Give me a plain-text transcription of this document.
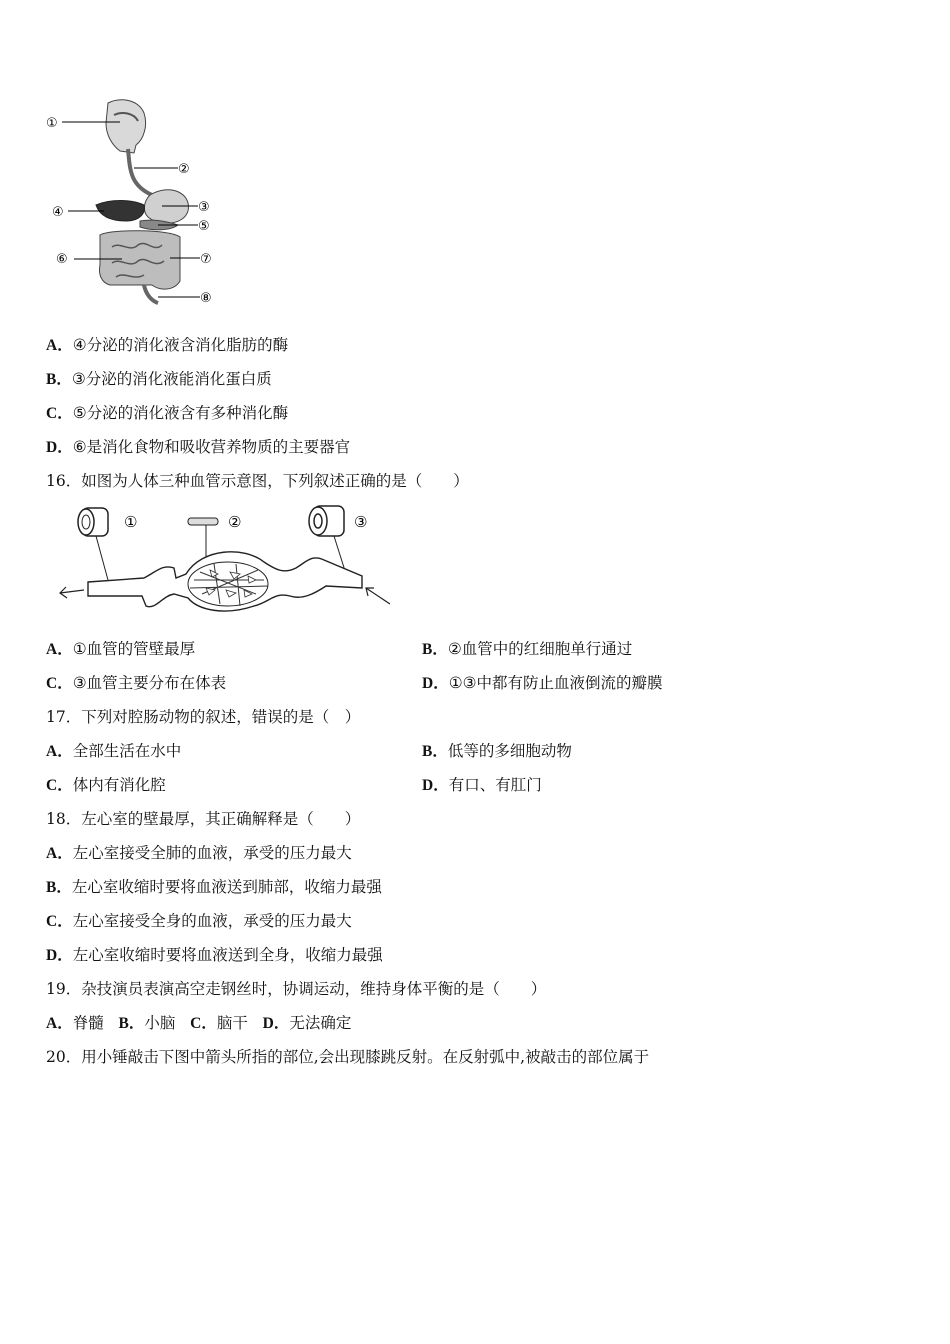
①
②
③
④
⑤
⑥	⑦
⑧
A．④分泌的消化液含消化脂肪的酶
B．③分泌的消化液能消化蛋白质
C．⑤分泌的消化液含有多种消化酶
D．⑥是消化食物和吸收营养物质的主要器官
16．如图为人体三种血管示意图，下列叙述正确的是（　　）
①	②	③
A．①血管的管壁最厚	B．②血管中的红细胞单行通过
C．③血管主要分布在体表	D．①③中都有防止血液倒流的瓣膜
17．下列对腔肠动物的叙述，错误的是（　）
A．全部生活在水中	B．低等的多细胞动物
C．体内有消化腔	D．有口、有肛门
18．左心室的壁最厚，其正确解释是（　　）
A．左心室接受全肺的血液，承受的压力最大
B．左心室收缩时要将血液送到肺部，收缩力最强
C．左心室接受全身的血液，承受的压力最大
D．左心室收缩时要将血液送到全身，收缩力最强
19．杂技演员表演高空走钢丝时，协调运动，维持身体平衡的是（　　）
A．脊髓 B．小脑 C．脑干 D．无法确定
20．用小锤敲击下图中箭头所指的部位,会出现膝跳反射。在反射弧中,被敲击的部位属于
